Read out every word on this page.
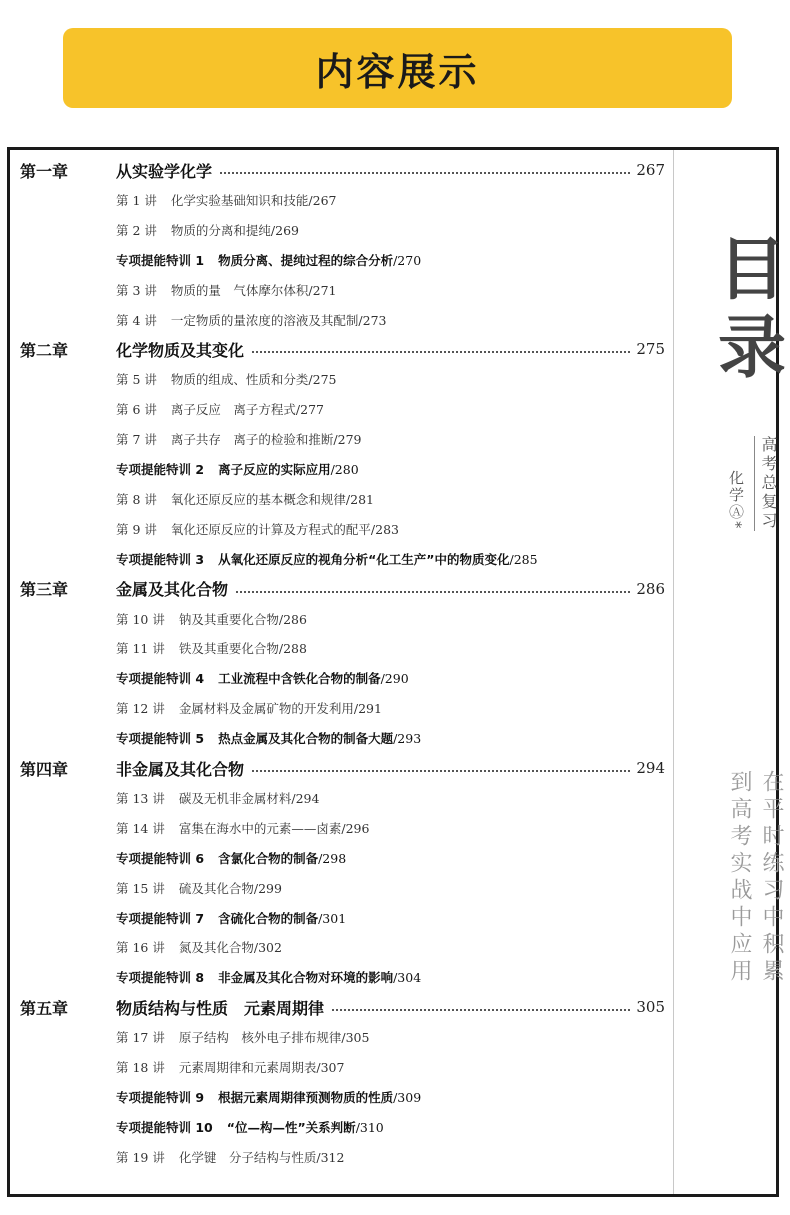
内容展示
第一章	从实验学化学	267
第 1 讲 化学实验基础知识和技能/267
第 2 讲 物质的分离和提纯/269
专项提能特训 1 物质分离、提纯过程的综合分析/270
第 3 讲 物质的量　气体摩尔体积/271
第 4 讲 一定物质的量浓度的溶液及其配制/273
第二章	化学物质及其变化	275
第 5 讲 物质的组成、性质和分类/275
第 6 讲 离子反应　离子方程式/277
第 7 讲 离子共存　离子的检验和推断/279
专项提能特训 2 离子反应的实际应用/280
第 8 讲 氧化还原反应的基本概念和规律/281
第 9 讲 氧化还原反应的计算及方程式的配平/283
专项提能特训 3 从氧化还原反应的视角分析“化工生产”中的物质变化/285
第三章	金属及其化合物	286
第 10 讲 钠及其重要化合物/286
第 11 讲 铁及其重要化合物/288
专项提能特训 4 工业流程中含铁化合物的制备/290
第 12 讲 金属材料及金属矿物的开发利用/291
专项提能特训 5 热点金属及其化合物的制备大题/293
第四章	非金属及其化合物	294
第 13 讲 碳及无机非金属材料/294
第 14 讲 富集在海水中的元素——卤素/296
专项提能特训 6 含氯化合物的制备/298
第 15 讲 硫及其化合物/299
专项提能特训 7 含硫化合物的制备/301
第 16 讲 氮及其化合物/302
专项提能特训 8 非金属及其化合物对环境的影响/304
第五章	物质结构与性质　元素周期律	305
第 17 讲 原子结构　核外电子排布规律/305
第 18 讲 元素周期律和元素周期表/307
专项提能特训 9 根据元素周期律预测物质的性质/309
专项提能特训 10 “位—构—性”关系判断/310
第 19 讲 化学键　分子结构与性质/312
目录
高考总复习
化学Ⓐ*
在平时练习中积累
到高考实战中应用
